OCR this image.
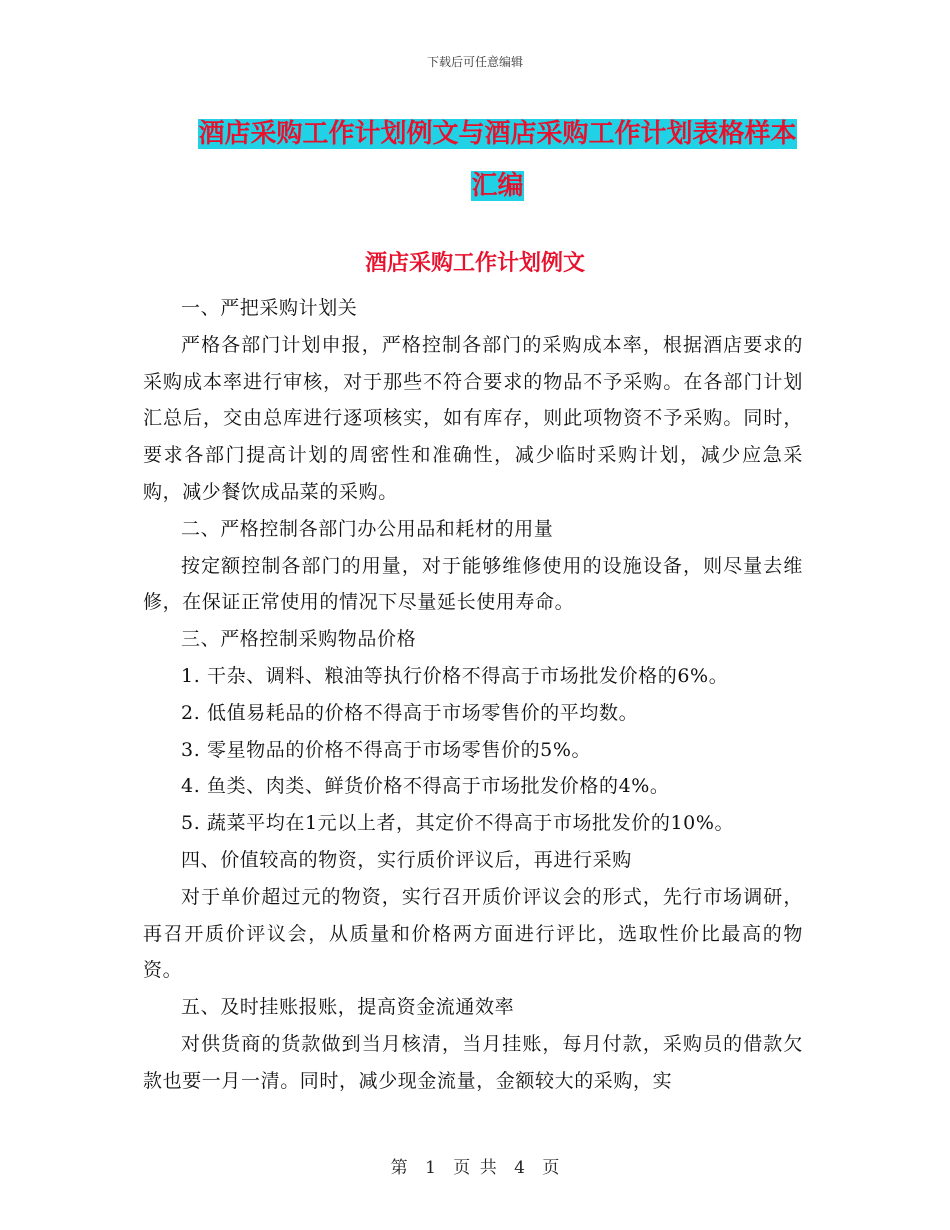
下载后可任意编辑
酒店采购工作计划例文与酒店采购工作计划表格样本
汇编
酒店采购工作计划例文

一、严把采购计划关

严格各部门计划申报，严格控制各部门的采购成本率，根据酒店要求的采购成本率进行审核，对于那些不符合要求的物品不予采购。在各部门计划汇总后，交由总库进行逐项核实，如有库存，则此项物资不予采购。同时，要求各部门提高计划的周密性和准确性，减少临时采购计划，减少应急采购，减少餐饮成品菜的采购。

二、严格控制各部门办公用品和耗材的用量

按定额控制各部门的用量，对于能够维修使用的设施设备，则尽量去维修，在保证正常使用的情况下尽量延长使用寿命。

三、严格控制采购物品价格

1. 干杂、调料、粮油等执行价格不得高于市场批发价格的6%。

2. 低值易耗品的价格不得高于市场零售价的平均数。

3. 零星物品的价格不得高于市场零售价的5%。

4. 鱼类、肉类、鲜货价格不得高于市场批发价格的4%。

5. 蔬菜平均在1元以上者，其定价不得高于市场批发价的10%。

四、价值较高的物资，实行质价评议后，再进行采购

对于单价超过元的物资，实行召开质价评议会的形式，先行市场调研，再召开质价评议会，从质量和价格两方面进行评比，选取性价比最高的物资。

五、及时挂账报账，提高资金流通效率

对供货商的货款做到当月核清，当月挂账，每月付款，采购员的借款欠款也要一月一清。同时，减少现金流量，金额较大的采购，实

第 1 页 共 4 页
